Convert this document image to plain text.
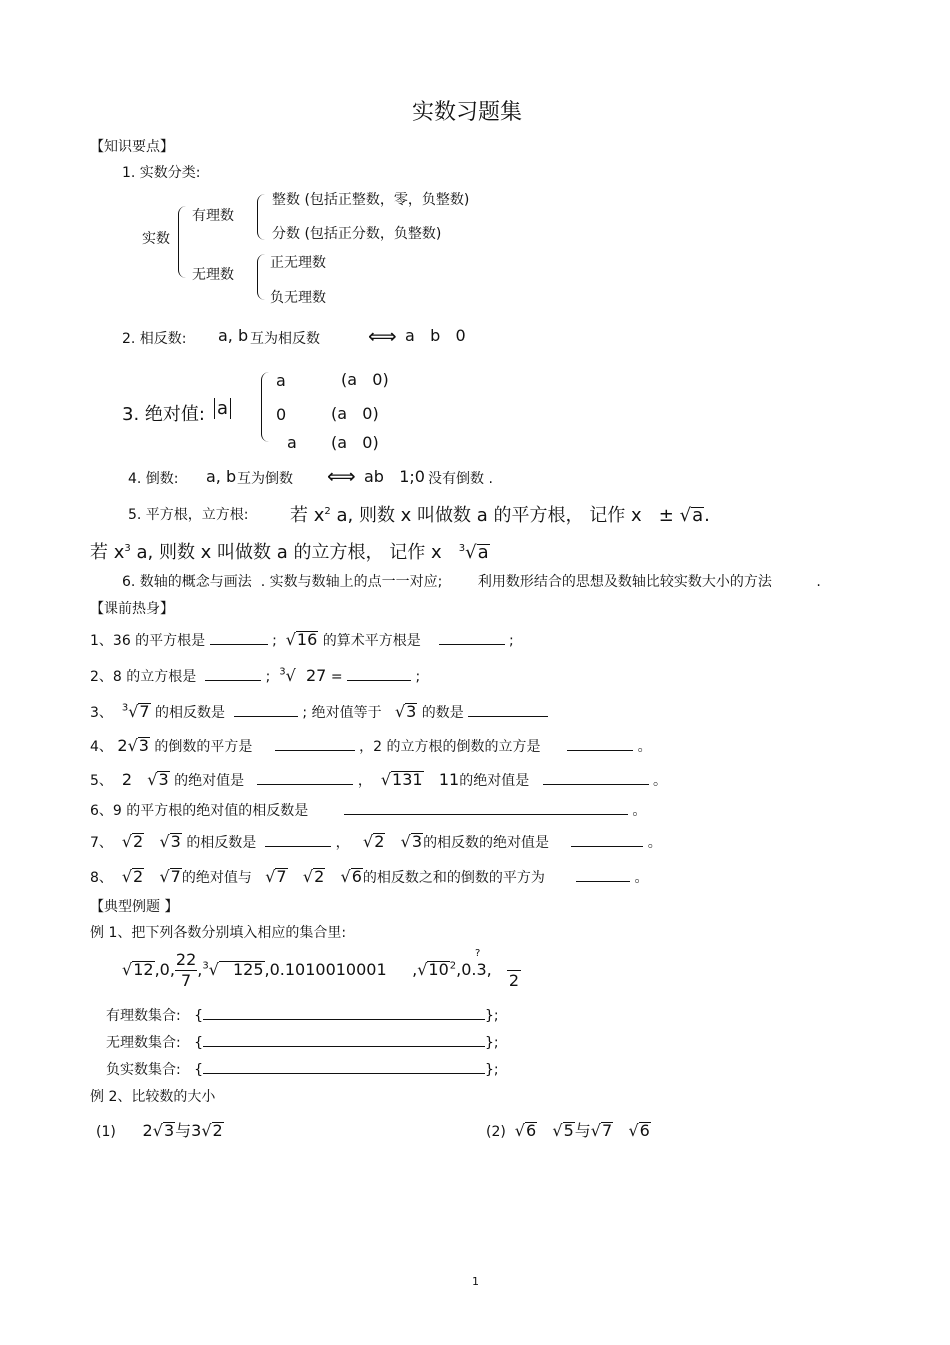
实数习题集
【知识要点】
1. 实数分类:
实数
有理数
整数 (包括正整数，零，负整数)
分数 (包括正分数，负整数)
无理数
正无理数
负无理数
2. 相反数: a, b 互为相反数 ⟺ a   b   0
3. 绝对值: a
a	(a   0)
0	(a   0)
a (a   0)
4. 倒数: a, b 互为倒数 ⟺ ab   1;0 没有倒数 .
5. 平方根，立方根: 若 $x^2$ a, 则数 x 叫做数 a 的平方根， 记作 x ± √a.
若 $x^3$ a, 则数 x 叫做数 a 的立方根， 记作 x $^3$√a
6. 数轴的概念与画法  . 实数与数轴上的点一一对应;        利用数形结合的思想及数轴比较实数大小的方法          .
【课前热身】
1、36 的平方根是	; √16 的算术平方根是	;
2、8 的立方根是	; $^3$√  27 =	;
3、 $^3$√7 的相反数是	; 绝对值等于 √3 的数是
4、 2√3 的倒数的平方是	，2 的立方根的倒数的立方是	。
5、 2   √3 的绝对值是	， √131 11的绝对值是	。
6、9 的平方根的绝对值的相反数是	。
7、 √2   √3 的相反数是	， √2   √3的相反数的绝对值是	。
8、 √2   √7的绝对值与 √7   √2   √6的相反数之和的倒数的平方为	。
【典型例题 】
例 1、把下列各数分别填入相应的集合里:
√12,0, $\frac{22}{7} ,^3√$ 125,0.1010010001 $,√10^2,0.3$,

2
?
有理数集合: {	};
无理数集合: {	};
负实数集合: {	};
例 2、比较数的大小
(1) 2√3与3√2	(2) √6   √5与√7   √6
1
